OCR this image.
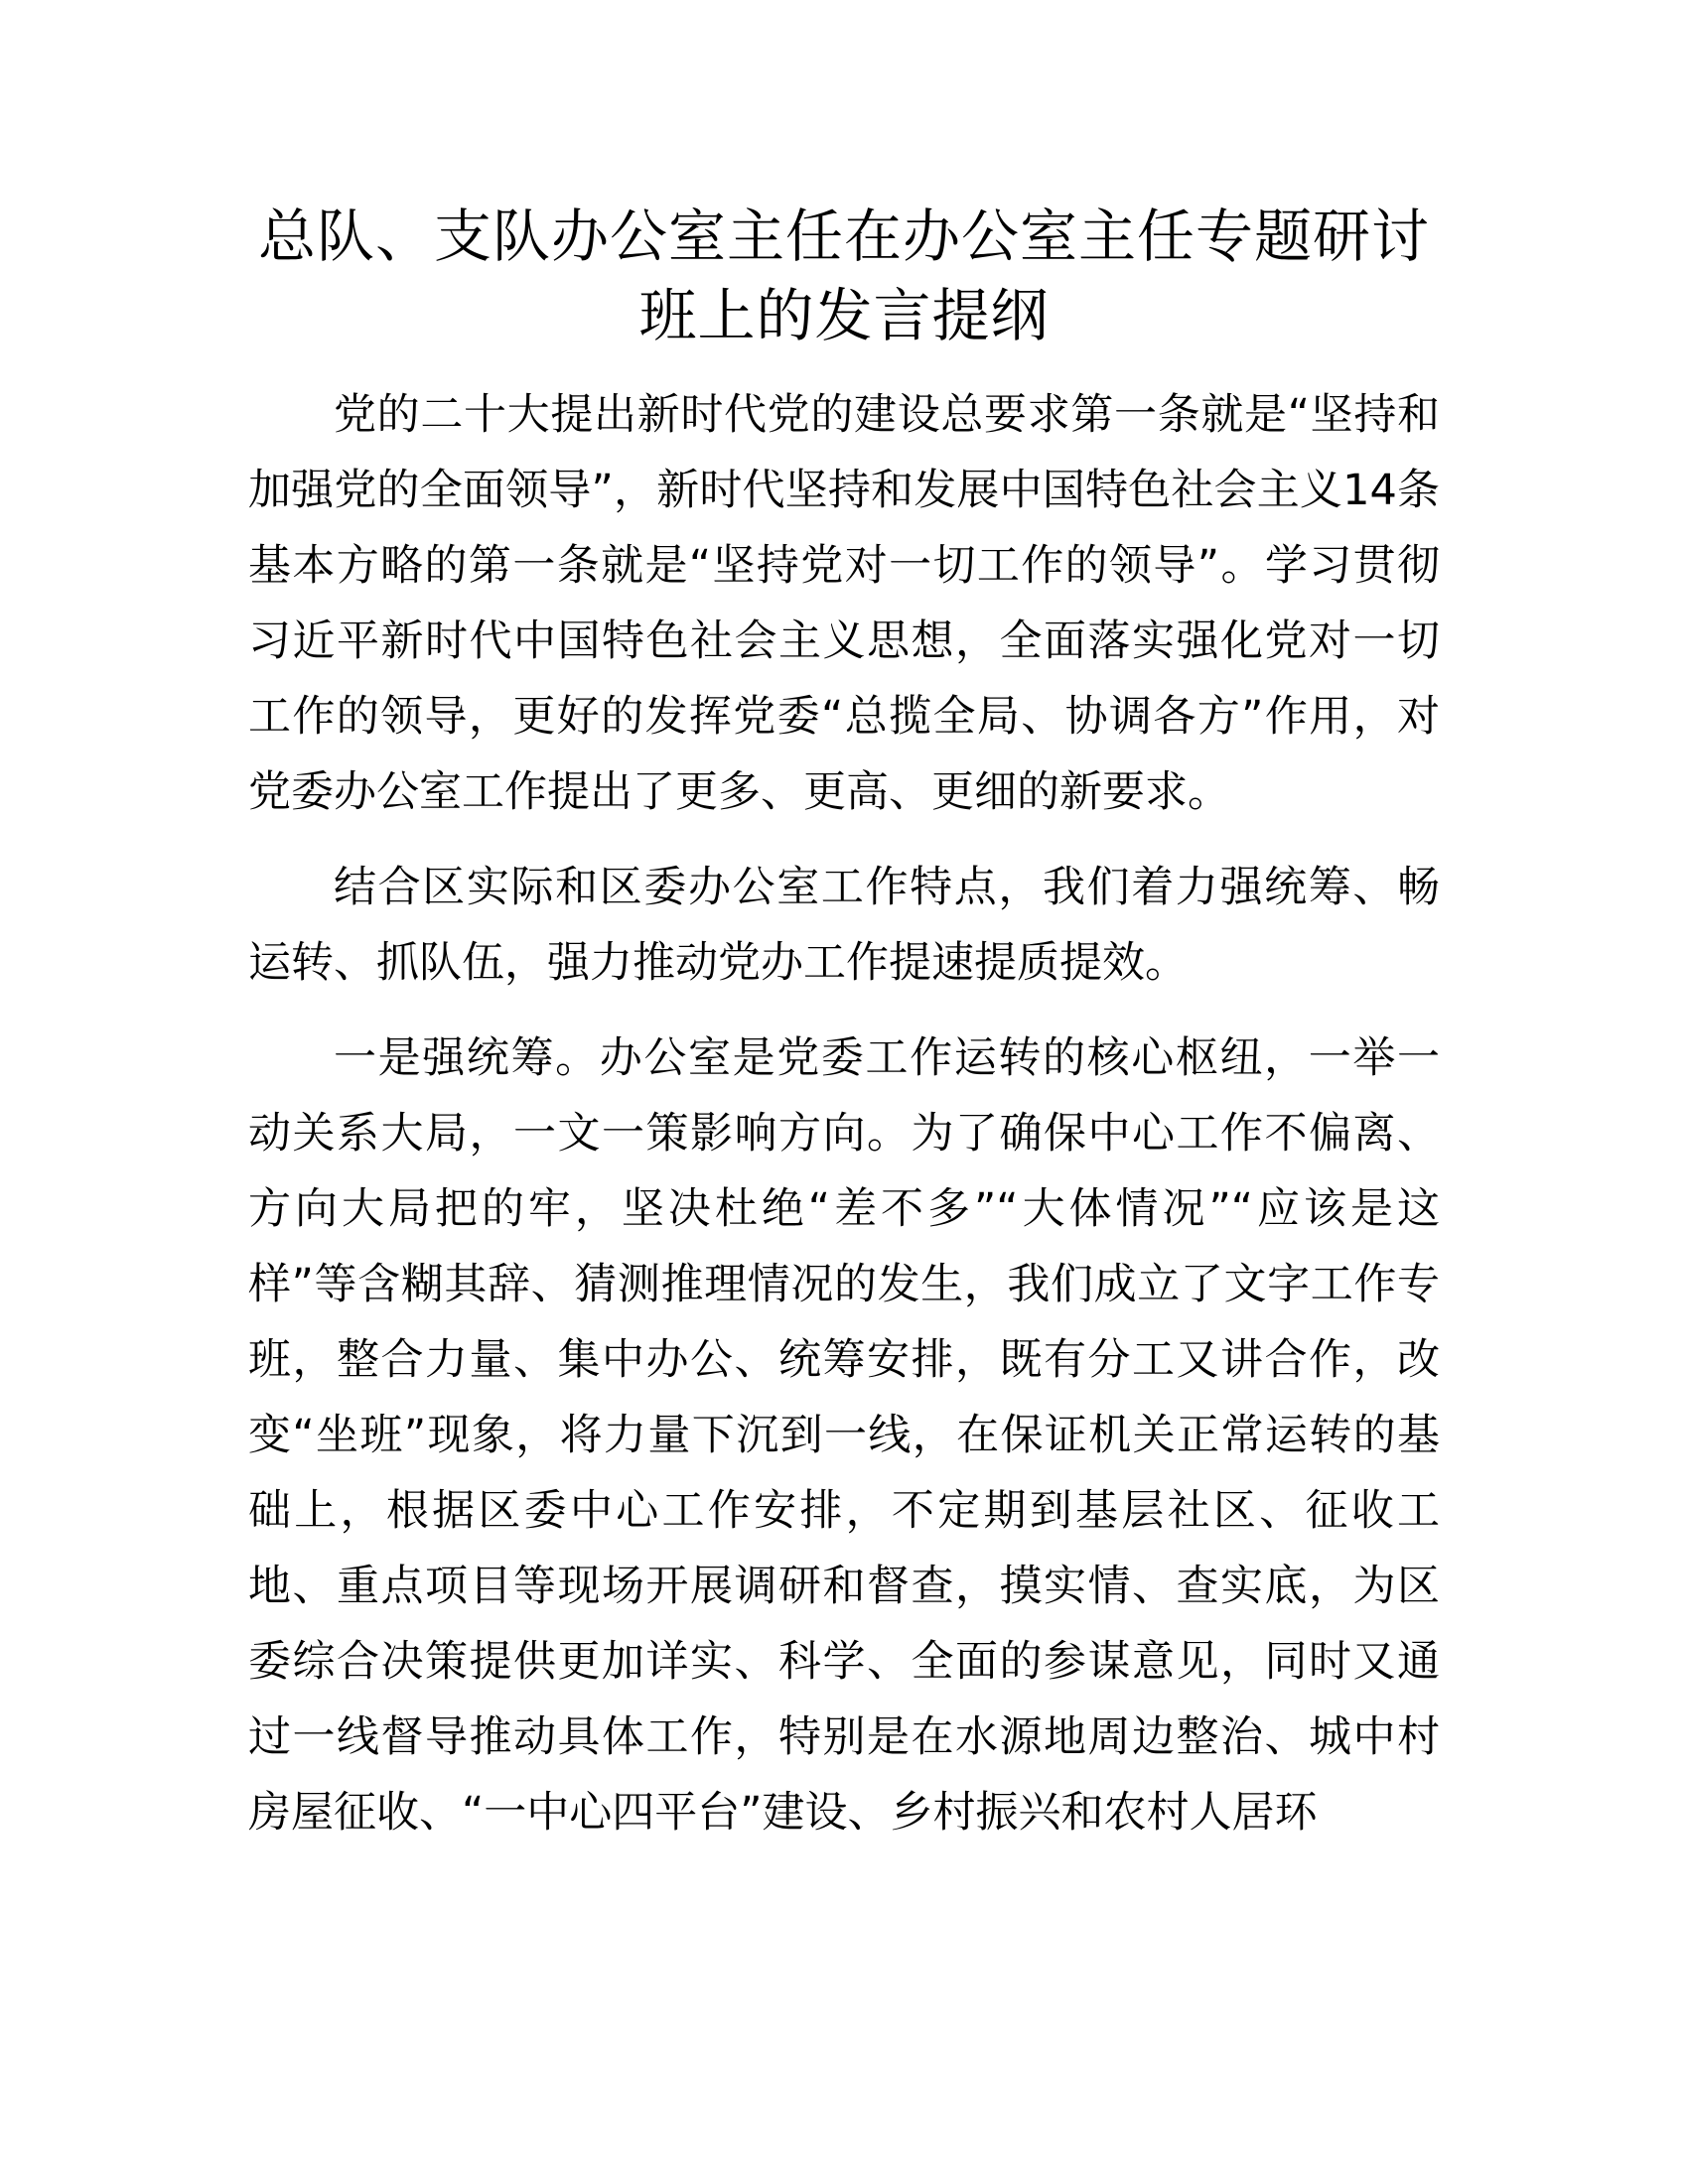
总队、支队办公室主任在办公室主任专题研讨
班上的发言提纲

党的二十大提出新时代党的建设总要求第一条就是“坚持和加强党的全面领导”，新时代坚持和发展中国特色社会主义14条基本方略的第一条就是“坚持党对一切工作的领导”。学习贯彻习近平新时代中国特色社会主义思想，全面落实强化党对一切工作的领导，更好的发挥党委“总揽全局、协调各方”作用，对党委办公室工作提出了更多、更高、更细的新要求。

结合区实际和区委办公室工作特点，我们着力强统筹、畅运转、抓队伍，强力推动党办工作提速提质提效。

一是强统筹。办公室是党委工作运转的核心枢纽，一举一动关系大局，一文一策影响方向。为了确保中心工作不偏离、方向大局把的牢，坚决杜绝“差不多”“大体情况”“应该是这样”等含糊其辞、猜测推理情况的发生，我们成立了文字工作专班，整合力量、集中办公、统筹安排，既有分工又讲合作，改变“坐班”现象，将力量下沉到一线，在保证机关正常运转的基础上，根据区委中心工作安排，不定期到基层社区、征收工地、重点项目等现场开展调研和督查，摸实情、查实底，为区委综合决策提供更加详实、科学、全面的参谋意见，同时又通过一线督导推动具体工作，特别是在水源地周边整治、城中村房屋征收、“一中心四平台”建设、乡村振兴和农村人居环
